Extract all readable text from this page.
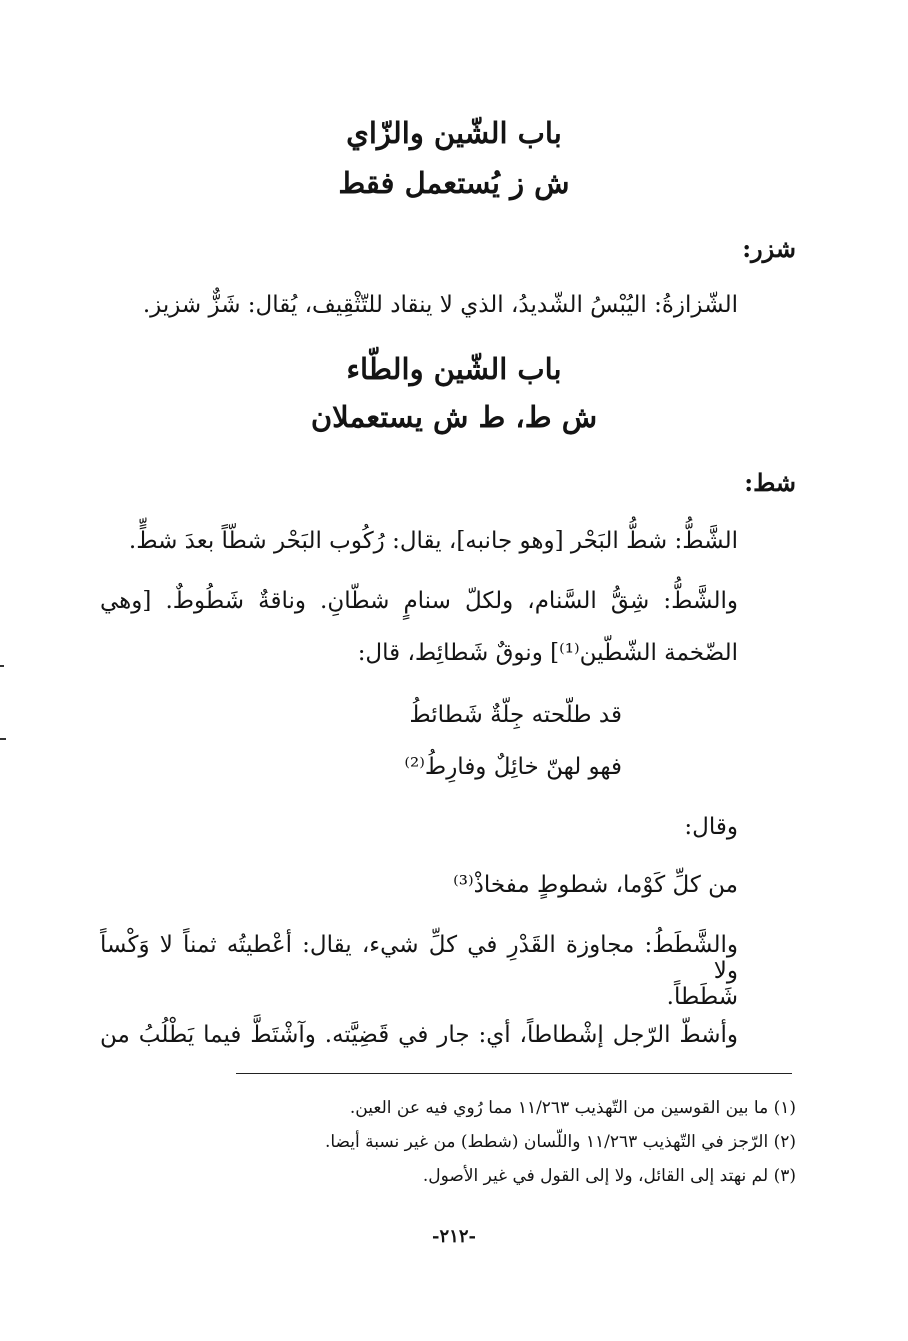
باب الشّين والزّاي
ش ز يُستعمل فقط
شزر:
الشّزازةُ: اليُبْسُ الشّديدُ، الذي لا ينقاد للتّثْقِيف، يُقال: شَزٌّ شزيز.
باب الشّين والطّاء
ش ط، ط ش يستعملان
شط:
الشَّطُّ: شطُّ البَحْر [وهو جانبه]، يقال: رُكُوب البَحْر شطّاً بعدَ شطٍّ.
والشَّطُّ: شِقُّ السَّنام، ولكلّ سنامٍ شطّانِ. وناقةٌ شَطُوطٌ. [وهي
الضّخمة الشّطّين⁽¹⁾] ونوقٌ شَطائِط، قال:
قد طلّحته جِلّةٌ شَطائطُ
فهو لهنّ خائِلٌ وفارِطُ⁽²⁾
وقال:
من كلِّ كَوْما، شطوطٍ مفخاذْ⁽³⁾
والشَّطَطُ: مجاوزة القَدْرِ في كلِّ شيء، يقال: أعْطيتُه ثمناً لا وَكْساً ولا
شَطَطاً.
وأشطّ الرّجل إشْطاطاً، أي: جار في قَضِيَّته. وآشْتَطَّ فيما يَطْلُبُ من
(١) ما بين القوسين من التّهذيب ١١/٢٦٣ مما رُوي فيه عن العين.
(٢) الرّجز في التّهذيب ١١/٢٦٣ واللّسان (شطط) من غير نسبة أيضا.
(٣) لم نهتد إلى القائل، ولا إلى القول في غير الأصول.
-٢١٢-
